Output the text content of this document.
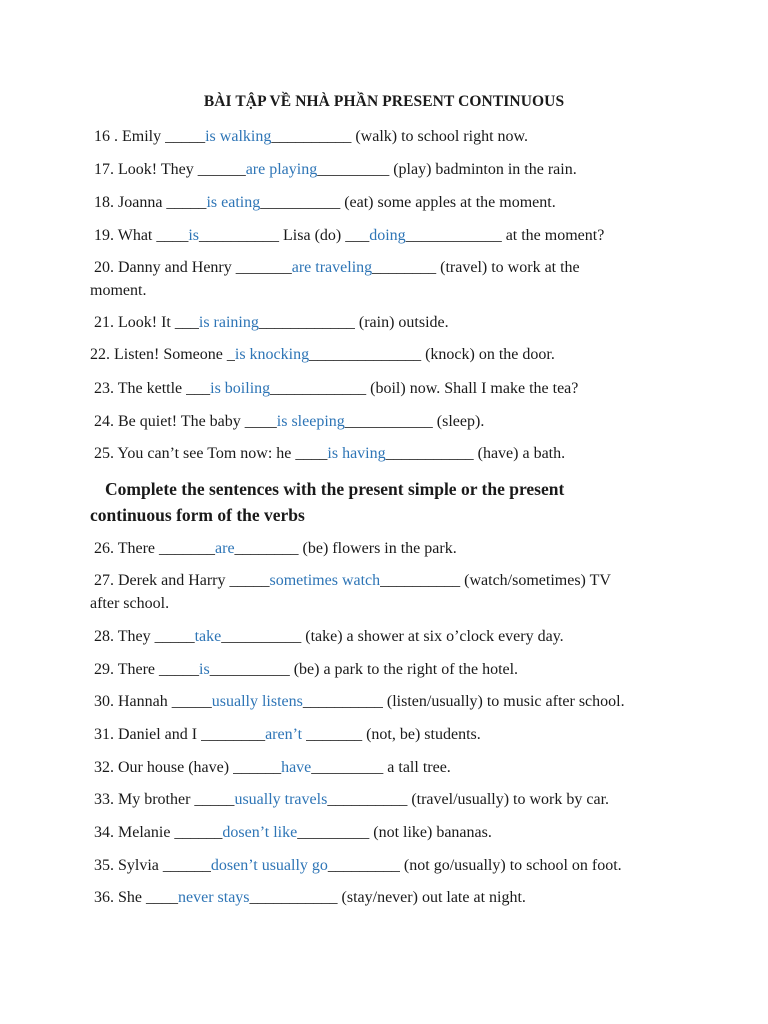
BÀI TẬP VỀ NHÀ PHẦN PRESENT CONTINUOUS
16 . Emily _____is walking__________ (walk) to school right now.
17. Look! They ______are playing_________ (play) badminton in the rain.
18. Joanna _____is eating__________ (eat) some apples at the moment.
19. What ____is__________ Lisa (do) ___doing____________ at the moment?
20. Danny and Henry _______are traveling________ (travel) to work at the
moment.
21. Look! It ___is raining____________ (rain) outside.
22. Listen! Someone _is knocking______________ (knock) on the door.
23. The kettle ___is boiling____________ (boil) now. Shall I make the tea?
24. Be quiet! The baby ____is sleeping___________ (sleep).
25. You can’t see Tom now: he ____is having___________ (have) a bath.
Complete the sentences with the present simple or the present
continuous form of the verbs
26. There _______are________ (be) flowers in the park.
27. Derek and Harry _____sometimes watch__________ (watch/sometimes) TV
after school.
28. They _____take__________ (take) a shower at six o’clock every day.
29. There _____is__________ (be) a park to the right of the hotel.
30. Hannah _____usually listens__________ (listen/usually) to music after school.
31. Daniel and I ________aren’t _______ (not, be) students.
32. Our house (have) ______have_________ a tall tree.
33. My brother _____usually travels__________ (travel/usually) to work by car.
34. Melanie ______dosen’t like_________ (not like) bananas.
35. Sylvia ______dosen’t usually go_________ (not go/usually) to school on foot.
36. She ____never stays___________ (stay/never) out late at night.
